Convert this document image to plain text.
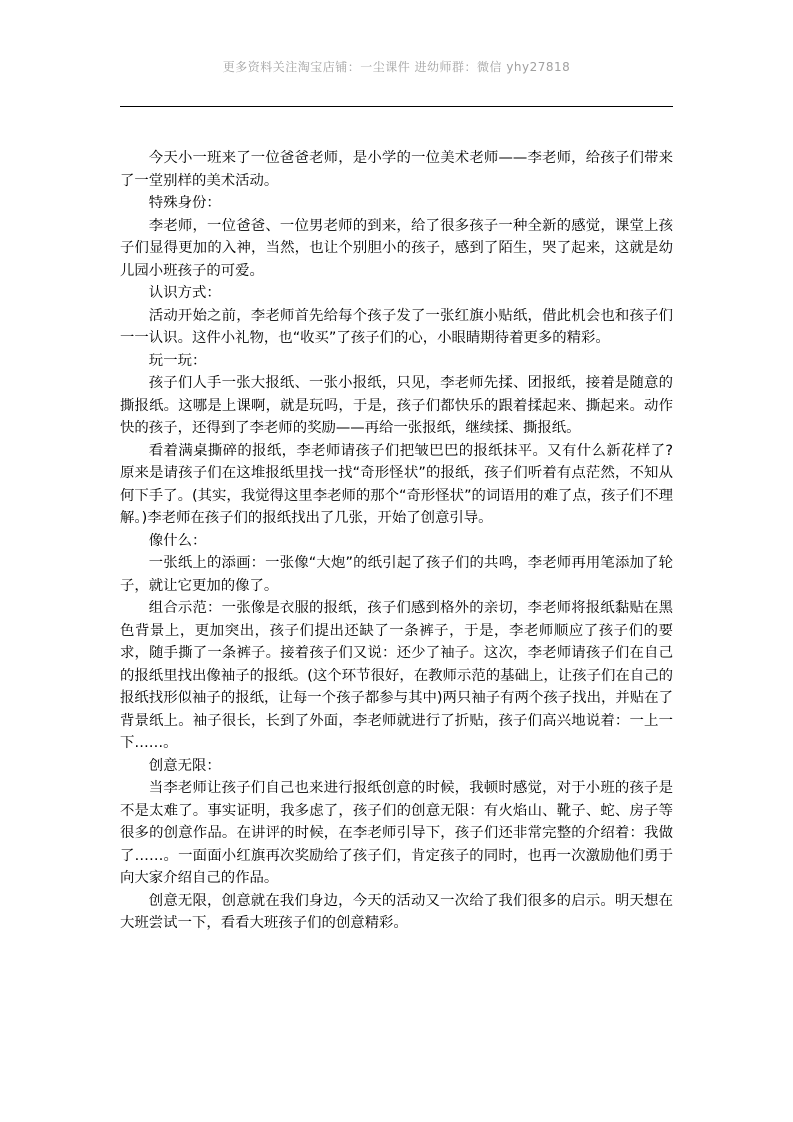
更多资料关注淘宝店铺：一尘课件 进幼师群：微信 yhy27818

今天小一班来了一位爸爸老师，是小学的一位美术老师——李老师，给孩子们带来了一堂别样的美术活动。

特殊身份：

李老师，一位爸爸、一位男老师的到来，给了很多孩子一种全新的感觉，课堂上孩子们显得更加的入神，当然，也让个别胆小的孩子，感到了陌生，哭了起来，这就是幼儿园小班孩子的可爱。

认识方式：

活动开始之前，李老师首先给每个孩子发了一张红旗小贴纸，借此机会也和孩子们一一认识。这件小礼物，也“收买”了孩子们的心，小眼睛期待着更多的精彩。

玩一玩：

孩子们人手一张大报纸、一张小报纸，只见，李老师先揉、团报纸，接着是随意的撕报纸。这哪是上课啊，就是玩吗，于是，孩子们都快乐的跟着揉起来、撕起来。动作快的孩子，还得到了李老师的奖励——再给一张报纸，继续揉、撕报纸。

看着满桌撕碎的报纸，李老师请孩子们把皱巴巴的报纸抹平。又有什么新花样了?原来是请孩子们在这堆报纸里找一找“奇形怪状”的报纸，孩子们听着有点茫然，不知从何下手了。(其实，我觉得这里李老师的那个“奇形怪状”的词语用的难了点，孩子们不理解。)李老师在孩子们的报纸找出了几张，开始了创意引导。

像什么：

一张纸上的添画：一张像“大炮”的纸引起了孩子们的共鸣，李老师再用笔添加了轮子，就让它更加的像了。

组合示范：一张像是衣服的报纸，孩子们感到格外的亲切，李老师将报纸黏贴在黑色背景上，更加突出，孩子们提出还缺了一条裤子，于是，李老师顺应了孩子们的要求，随手撕了一条裤子。接着孩子们又说：还少了袖子。这次，李老师请孩子们在自己的报纸里找出像袖子的报纸。(这个环节很好，在教师示范的基础上，让孩子们在自己的报纸找形似袖子的报纸，让每一个孩子都参与其中)两只袖子有两个孩子找出，并贴在了背景纸上。袖子很长，长到了外面，李老师就进行了折贴，孩子们高兴地说着：一上一下……。

创意无限：

当李老师让孩子们自己也来进行报纸创意的时候，我顿时感觉，对于小班的孩子是不是太难了。事实证明，我多虑了，孩子们的创意无限：有火焰山、靴子、蛇、房子等很多的创意作品。在讲评的时候，在李老师引导下，孩子们还非常完整的介绍着：我做了……。一面面小红旗再次奖励给了孩子们，肯定孩子的同时，也再一次激励他们勇于向大家介绍自己的作品。

创意无限，创意就在我们身边，今天的活动又一次给了我们很多的启示。明天想在大班尝试一下，看看大班孩子们的创意精彩。
